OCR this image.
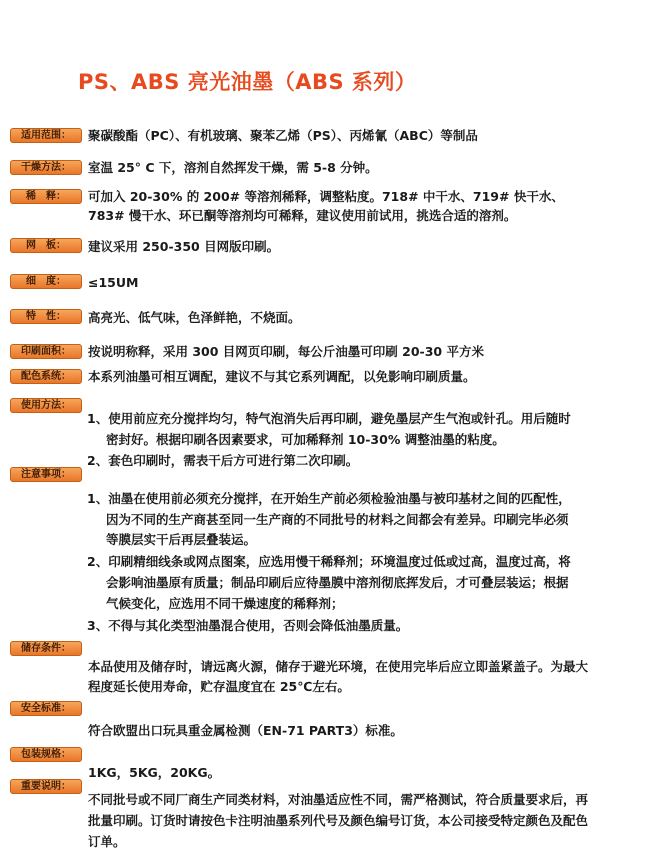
PS、ABS 亮光油墨（ABS 系列）
适用范围： 聚碳酸酯（PC）、有机玻璃、聚苯乙烯（PS）、丙烯氰（ABC）等制品
干燥方法： 室温 25° C 下，溶剂自然挥发干燥，需 5-8 分钟。
稀　释： 可加入 20-30% 的 200# 等溶剂稀释，调整粘度。718# 中干水、719# 快干水、
783# 慢干水、环已酮等溶剂均可稀释，建议使用前试用，挑选合适的溶剂。
网　板： 建议采用 250-350 目网版印刷。
细　度： ≤15UM
特　性： 高亮光、低气味，色泽鲜艳，不烧面。
印刷面积： 按说明称释，采用 300 目网页印刷，每公斤油墨可印刷 20-30 平方米
配色系统： 本系列油墨可相互调配，建议不与其它系列调配，以免影响印刷质量。
使用方法：
1、使用前应充分搅拌均匀，特气泡消失后再印刷，避免墨层产生气泡或针孔。用后随时
密封好。根据印刷各因素要求，可加稀释剂 10-30% 调整油墨的粘度。
2、套色印刷时，需表干后方可进行第二次印刷。
注意事项：
1、油墨在使用前必须充分搅拌，在开始生产前必须检验油墨与被印基材之间的匹配性，
因为不同的生产商甚至同一生产商的不同批号的材料之间都会有差异。印刷完毕必须
等膜层实干后再层叠装运。
2、印刷精细线条或网点图案，应选用慢干稀释剂；环境温度过低或过高，温度过高，将
会影响油墨原有质量；制品印刷后应待墨膜中溶剂彻底挥发后，才可叠层装运；根据
气候变化，应选用不同干燥速度的稀释剂；
3、不得与其化类型油墨混合使用，否则会降低油墨质量。
储存条件：
本品使用及储存时，请远离火源，储存于避光环境，在使用完毕后应立即盖紧盖子。为最大
程度延长使用寿命，贮存温度宜在 25℃左右。
安全标准：
符合欧盟出口玩具重金属检测（EN-71 PART3）标准。
包装规格：
1KG，5KG，20KG。
重要说明：
不同批号或不同厂商生产同类材料，对油墨适应性不同，需严格测试，符合质量要求后，再
批量印刷。订货时请按色卡注明油墨系列代号及颜色编号订货，本公司接受特定颜色及配色
订单。
